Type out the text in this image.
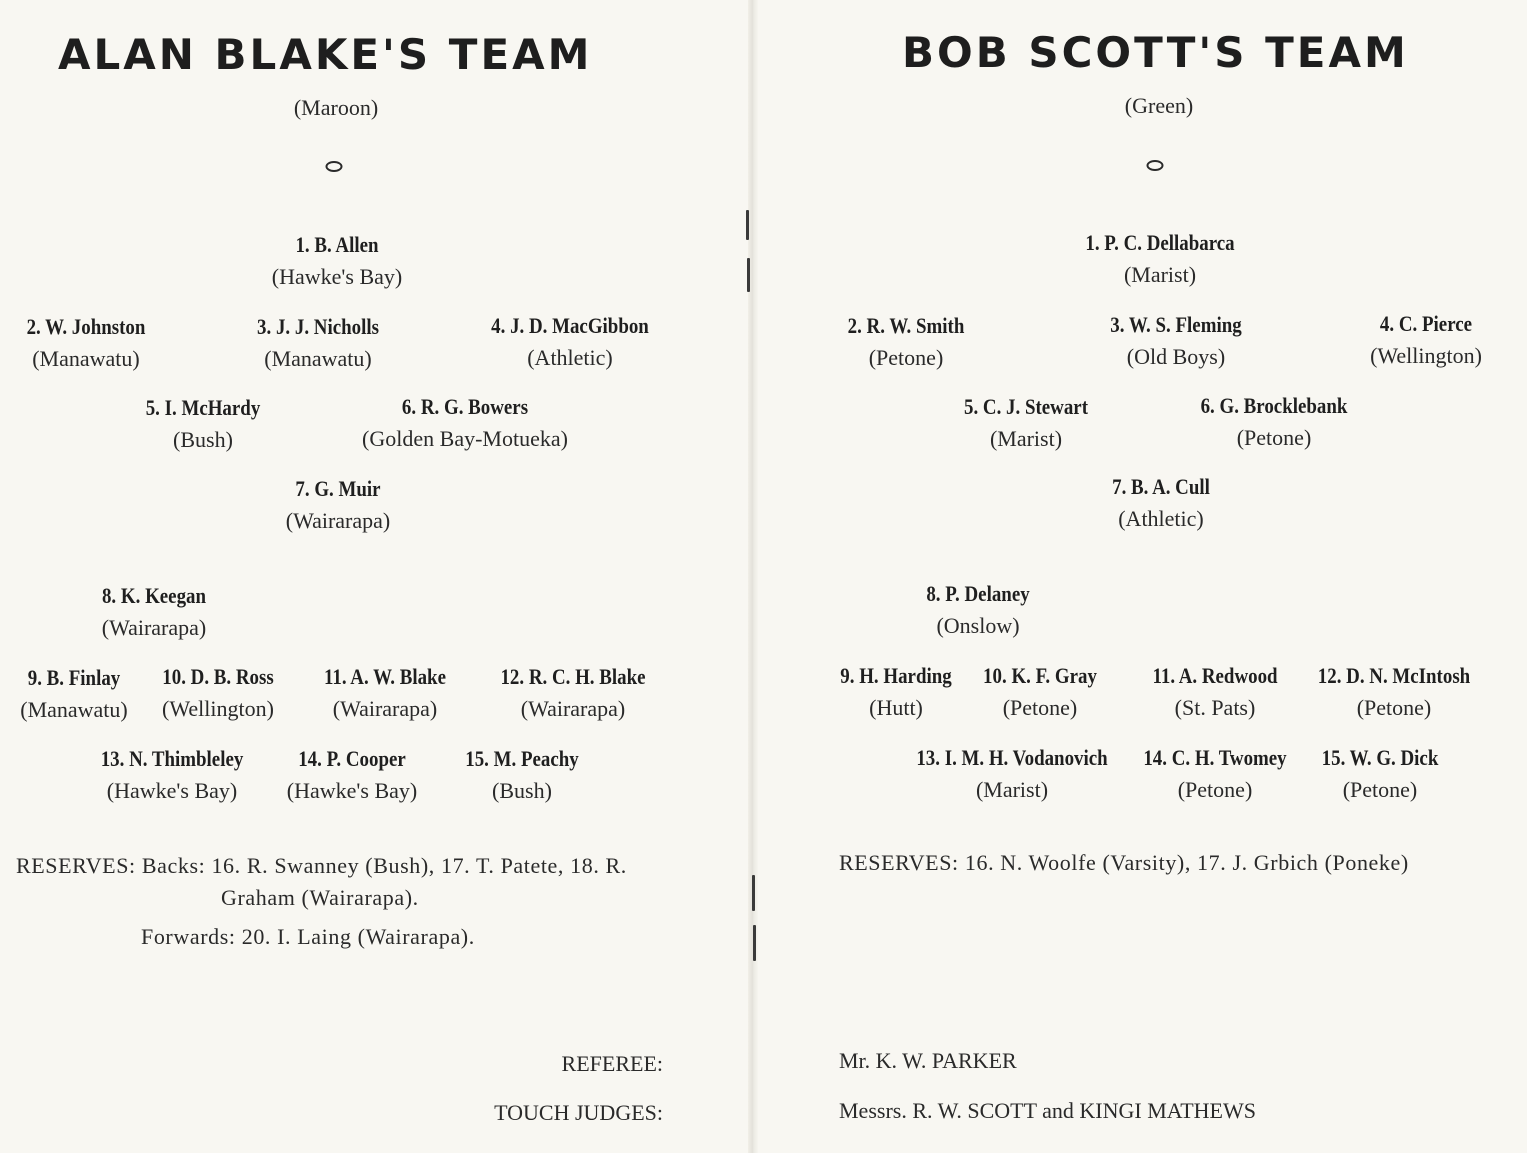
ALAN BLAKE'S TEAM
(Maroon)
1. B. Allen
(Hawke's Bay)
2. W. Johnston
(Manawatu)
3. J. J. Nicholls
(Manawatu)
4. J. D. MacGibbon
(Athletic)
5. I. McHardy
(Bush)
6. R. G. Bowers
(Golden Bay-Motueka)
7. G. Muir
(Wairarapa)
8. K. Keegan
(Wairarapa)
9. B. Finlay
(Manawatu)
10. D. B. Ross
(Wellington)
11. A. W. Blake
(Wairarapa)
12. R. C. H. Blake
(Wairarapa)
13. N. Thimbleley
(Hawke's Bay)
14. P. Cooper
(Hawke's Bay)
15. M. Peachy
(Bush)
RESERVES: Backs: 16. R. Swanney (Bush), 17. T. Patete, 18. R.
Graham (Wairarapa).
Forwards: 20. I. Laing (Wairarapa).
REFEREE:
TOUCH JUDGES:
BOB SCOTT'S TEAM
(Green)
1. P. C. Dellabarca
(Marist)
2. R. W. Smith
(Petone)
3. W. S. Fleming
(Old Boys)
4. C. Pierce
(Wellington)
5. C. J. Stewart
(Marist)
6. G. Brocklebank
(Petone)
7. B. A. Cull
(Athletic)
8. P. Delaney
(Onslow)
9. H. Harding
(Hutt)
10. K. F. Gray
(Petone)
11. A. Redwood
(St. Pats)
12. D. N. McIntosh
(Petone)
13. I. M. H. Vodanovich
(Marist)
14. C. H. Twomey
(Petone)
15. W. G. Dick
(Petone)
RESERVES: 16. N. Woolfe (Varsity), 17. J. Grbich (Poneke)
Mr. K. W. PARKER
Messrs. R. W. SCOTT and KINGI MATHEWS
